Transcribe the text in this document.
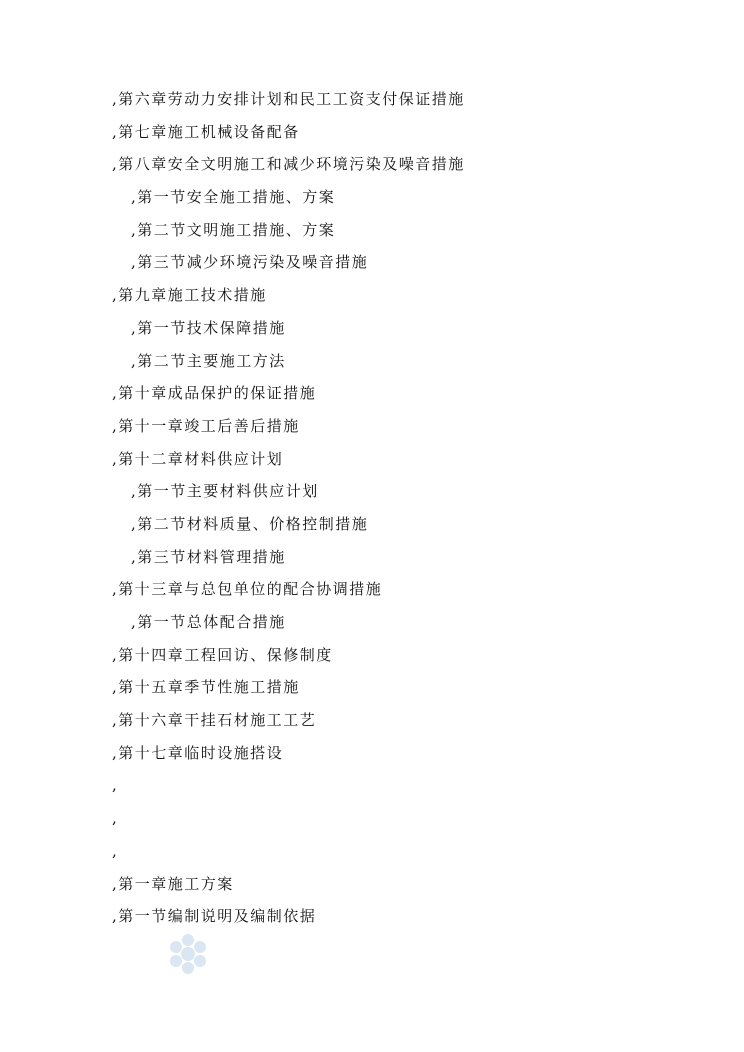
,第六章劳动力安排计划和民工工资支付保证措施
,第七章施工机械设备配备
,第八章安全文明施工和减少环境污染及噪音措施
,第一节安全施工措施、方案
,第二节文明施工措施、方案
,第三节减少环境污染及噪音措施
,第九章施工技术措施
,第一节技术保障措施
,第二节主要施工方法
,第十章成品保护的保证措施
,第十一章竣工后善后措施
,第十二章材料供应计划
,第一节主要材料供应计划
,第二节材料质量、价格控制措施
,第三节材料管理措施
,第十三章与总包单位的配合协调措施
,第一节总体配合措施
,第十四章工程回访、保修制度
,第十五章季节性施工措施
,第十六章干挂石材施工工艺
,第十七章临时设施搭设
,
,
,
,第一章施工方案
,第一节编制说明及编制依据
